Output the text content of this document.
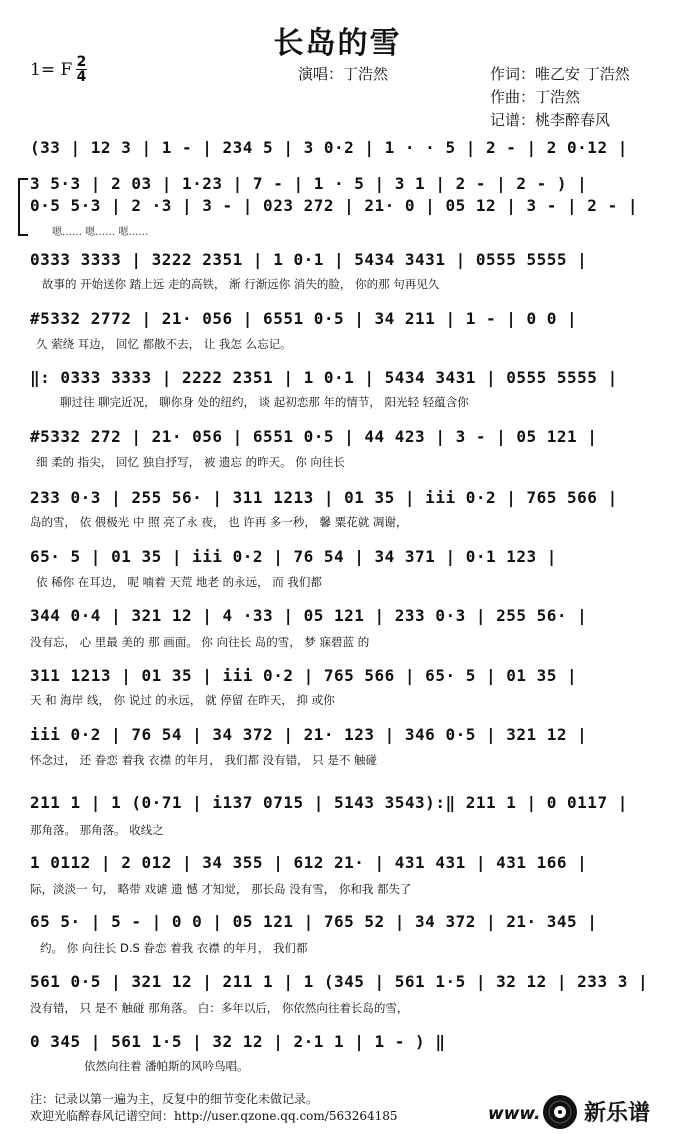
长岛的雪
1= F 2
4	演唱：丁浩然	作词：唯乙安 丁浩然
作曲：丁浩然
记谱：桃李醉春风
(33 | 12 3 | 1 - | 234 5 | 3 0·2 | 1 · · 5 | 2 - | 2 0·12 |
3 5·3 | 2 03 | 1·23 | 7 - | 1 · 5 | 3 1 | 2 - | 2 - ) |
0·5 5·3 | 2 ·3 | 3 - | 023 272 | 21· 0 | 05 12 | 3 - | 2 - |
嗯…… 嗯…… 嗯……
0333 3333 | 3222 2351 | 1 0·1 | 5434 3431 | 0555 5555 |
故事的 开始送你 踏上远 走的高铁， 渐 行渐远你 消失的脸， 你的那 句再见久
#5332 2772 | 21· 056 | 6551 0·5 | 34 211 | 1 - | 0 0 |
久 萦绕 耳边， 回忆 都散不去， 让 我怎 么忘记。
‖: 0333 3333 | 2222 2351 | 1 0·1 | 5434 3431 | 0555 5555 |
聊过往 聊完近况， 聊你身 处的纽约， 谈 起初恋那 年的情节， 阳光轻 轻蕴含你
#5332 272 | 21· 056 | 6551 0·5 | 44 423 | 3 - | 05 121 |
细 柔的 指尖， 回忆 独自抒写， 被 遗忘 的昨天。 你 向往长
233 0·3 | 255 56· | 311 1213 | 01 35 | iii 0·2 | 765 566 |
岛的雪， 依 偎极光 中 照 亮了永 夜， 也 许再 多一秒， 馨 粟花就 凋谢，
65· 5 | 01 35 | iii 0·2 | 76 54 | 34 371 | 0·1 123 |
依 稀你 在耳边， 呢 喃着 天荒 地老 的永远， 而 我们都
344 0·4 | 321 12 | 4 ·33 | 05 121 | 233 0·3 | 255 56· |
没有忘， 心 里最 美的 那 画面。 你 向往长 岛的雪， 梦 寐碧蓝 的
311 1213 | 01 35 | iii 0·2 | 765 566 | 65· 5 | 01 35 |
天 和 海岸 线， 你 说过 的永远， 就 停留 在昨天， 抑 或你
iii 0·2 | 76 54 | 34 372 | 21· 123 | 346 0·5 | 321 12 |
怀念过， 还 眷恋 着我 衣襟 的年月， 我们都 没有错， 只 是不 触碰
211 1 | 1 (0·71 | i137 0715 | 5143 3543):‖ 211 1 | 0 0117 |
那角落。 那角落。 收线之
1 0112 | 2 012 | 34 355 | 612 21· | 431 431 | 431 166 |
际，淡淡一 句， 略带 戏谑 遗 憾 才知觉， 那长岛 没有雪， 你和我 都失了
65 5· | 5 - | 0 0 | 05 121 | 765 52 | 34 372 | 21· 345 |
约。 你 向往长 D.S 眷恋 着我 衣襟 的年月， 我们都
561 0·5 | 321 12 | 211 1 | 1 (345 | 561 1·5 | 32 12 | 233 3 |
没有错， 只 是不 触碰 那角落。 白：多年以后， 你依然向往着长岛的雪，
0 345 | 561 1·5 | 32 12 | 2·1 1 | 1 - ) ‖
依然向往着 潘帕斯的风吟鸟唱。
注：记录以第一遍为主，反复中的细节变化未做记录。
欢迎光临醉春风记谱空间：http://user.qzone.qq.com/563264185	www. 新乐谱
